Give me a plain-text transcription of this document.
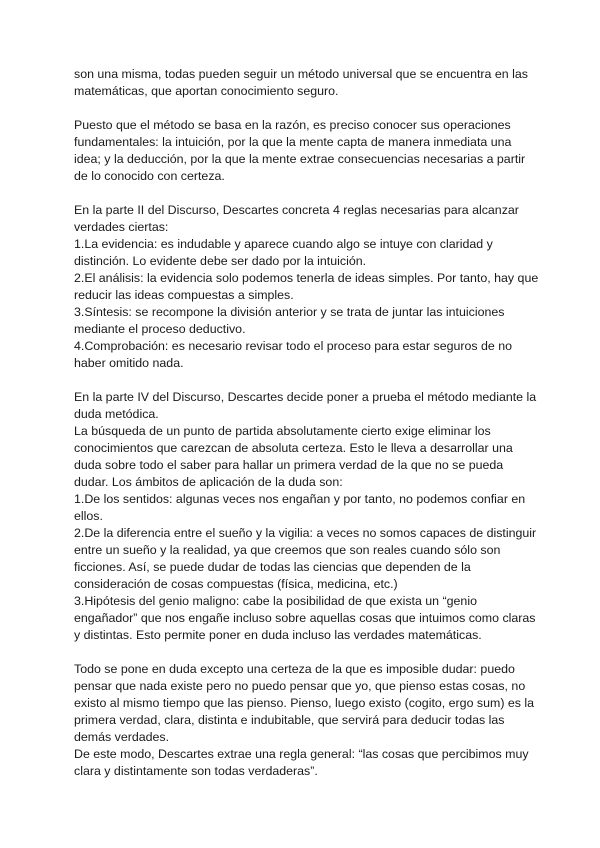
son una misma, todas pueden seguir un método universal que se encuentra en las
matemáticas, que aportan conocimiento seguro.
Puesto que el método se basa en la razón, es preciso conocer sus operaciones
fundamentales: la intuición, por la que la mente capta de manera inmediata una
idea; y la deducción, por la que la mente extrae consecuencias necesarias a partir
de lo conocido con certeza.
En la parte II del Discurso, Descartes concreta 4 reglas necesarias para alcanzar
verdades ciertas:
1.La evidencia: es indudable y aparece cuando algo se intuye con claridad y
distinción. Lo evidente debe ser dado por la intuición.
2.El análisis: la evidencia solo podemos tenerla de ideas simples. Por tanto, hay que
reducir las ideas compuestas a simples.
3.Síntesis: se recompone la división anterior y se trata de juntar las intuiciones
mediante el proceso deductivo.
4.Comprobación: es necesario revisar todo el proceso para estar seguros de no
haber omitido nada.
En la parte IV del Discurso, Descartes decide poner a prueba el método mediante la
duda metódica.
La búsqueda de un punto de partida absolutamente cierto exige eliminar los
conocimientos que carezcan de absoluta certeza. Esto le lleva a desarrollar una
duda sobre todo el saber para hallar un primera verdad de la que no se pueda
dudar. Los ámbitos de aplicación de la duda son:
1.De los sentidos: algunas veces nos engañan y por tanto, no podemos confiar en
ellos.
2.De la diferencia entre el sueño y la vigilia: a veces no somos capaces de distinguir
entre un sueño y la realidad, ya que creemos que son reales cuando sólo son
ficciones. Así, se puede dudar de todas las ciencias que dependen de la
consideración de cosas compuestas (física, medicina, etc.)
3.Hipótesis del genio maligno: cabe la posibilidad de que exista un “genio
engañador” que nos engañe incluso sobre aquellas cosas que intuimos como claras
y distintas. Esto permite poner en duda incluso las verdades matemáticas.
Todo se pone en duda excepto una certeza de la que es imposible dudar: puedo
pensar que nada existe pero no puedo pensar que yo, que pienso estas cosas, no
existo al mismo tiempo que las pienso. Pienso, luego existo (cogito, ergo sum) es la
primera verdad, clara, distinta e indubitable, que servirá para deducir todas las
demás verdades.
De este modo, Descartes extrae una regla general: “las cosas que percibimos muy
clara y distintamente son todas verdaderas”.
